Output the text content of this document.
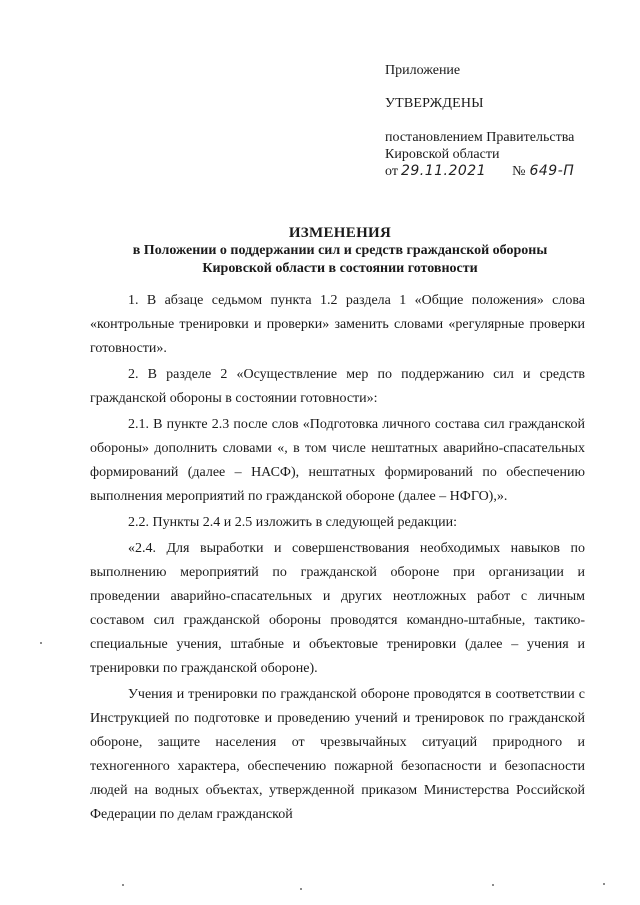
Приложение
УТВЕРЖДЕНЫ
постановлением Правительства
Кировской области
от 29.11.2021 № 649-П
ИЗМЕНЕНИЯ
в Положении о поддержании сил и средств гражданской обороны
Кировской области в состоянии готовности

1. В абзаце седьмом пункта 1.2 раздела 1 «Общие положения» слова «контрольные тренировки и проверки» заменить словами «регулярные проверки готовности».

2. В разделе 2 «Осуществление мер по поддержанию сил и средств гражданской обороны в состоянии готовности»:

2.1. В пункте 2.3 после слов «Подготовка личного состава сил гражданской обороны» дополнить словами «, в том числе нештатных аварийно-спасательных формирований (далее – НАСФ), нештатных формирований по обеспечению выполнения мероприятий по гражданской обороне (далее – НФГО),».

2.2. Пункты 2.4 и 2.5 изложить в следующей редакции:

«2.4. Для выработки и совершенствования необходимых навыков по выполнению мероприятий по гражданской обороне при организации и проведении аварийно-спасательных и других неотложных работ с личным составом сил гражданской обороны проводятся командно-штабные, тактико-специальные учения, штабные и объектовые тренировки (далее – учения и тренировки по гражданской обороне).

Учения и тренировки по гражданской обороне проводятся в соответствии с Инструкцией по подготовке и проведению учений и тренировок по гражданской обороне, защите населения от чрезвычайных ситуаций природного и техногенного характера, обеспечению пожарной безопасности и безопасности людей на водных объектах, утвержденной приказом Министерства Российской Федерации по делам гражданской
